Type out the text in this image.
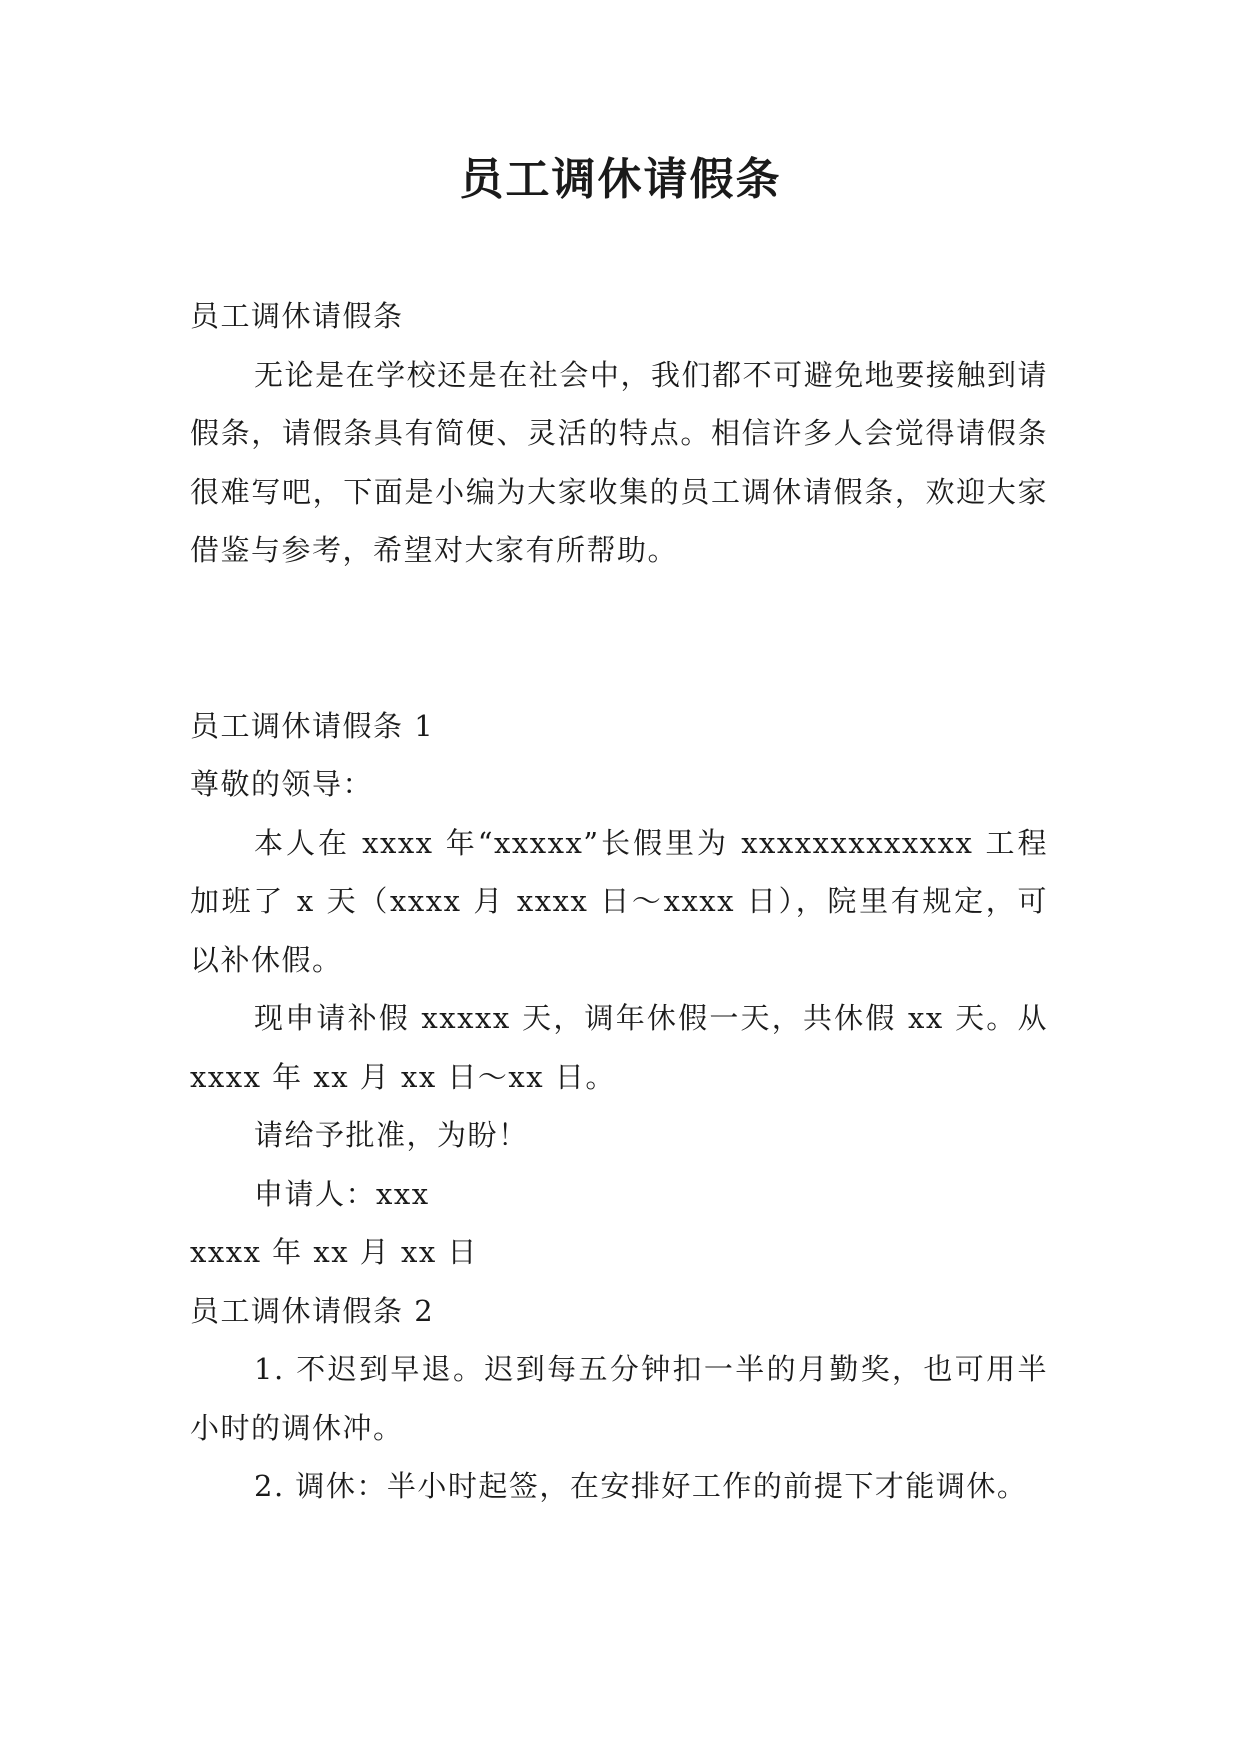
员工调休请假条

员工调休请假条

无论是在学校还是在社会中，我们都不可避免地要接触到请假条，请假条具有简便、灵活的特点。相信许多人会觉得请假条很难写吧，下面是小编为大家收集的员工调休请假条，欢迎大家借鉴与参考，希望对大家有所帮助。

员工调休请假条 1

尊敬的领导：

本人在 xxxx 年“xxxxx”长假里为 xxxxxxxxxxxxx 工程加班了 x 天（xxxx 月 xxxx 日～xxxx 日），院里有规定，可以补休假。

现申请补假 xxxxx 天，调年休假一天，共休假 xx 天。从 xxxx 年 xx 月 xx 日～xx 日。

请给予批准，为盼！

申请人：xxx

xxxx 年 xx 月 xx 日

员工调休请假条 2

1. 不迟到早退。迟到每五分钟扣一半的月勤奖，也可用半小时的调休冲。

2. 调休：半小时起签，在安排好工作的前提下才能调休。
